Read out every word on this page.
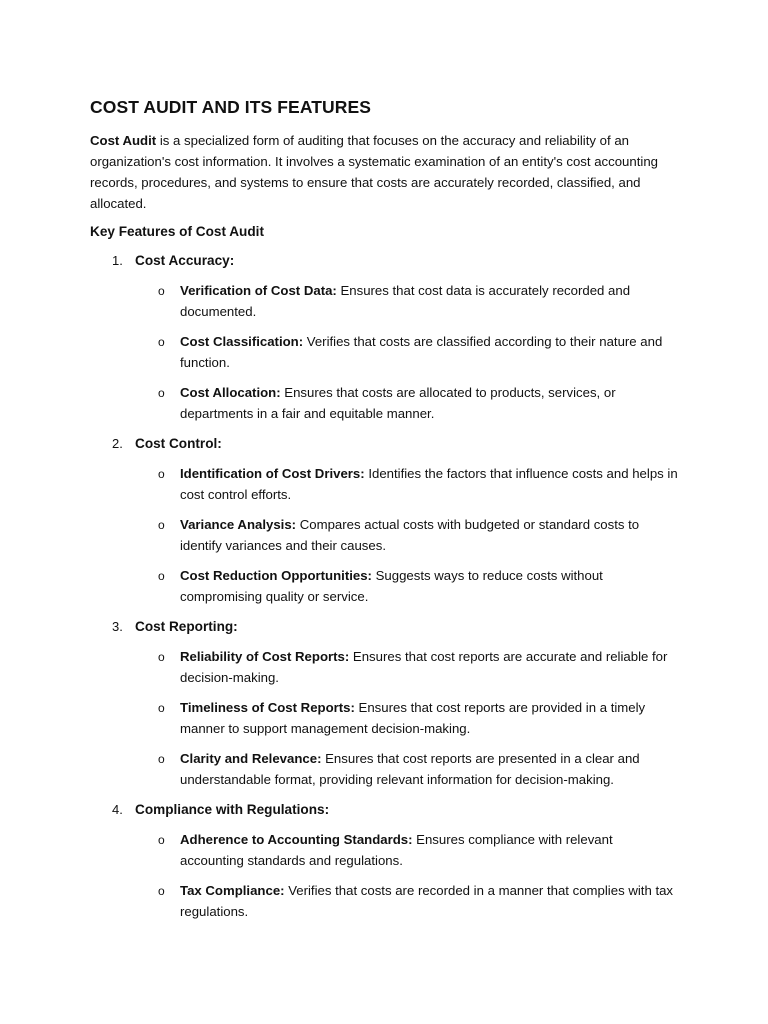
COST AUDIT AND ITS FEATURES

Cost Audit is a specialized form of auditing that focuses on the accuracy and reliability of an organization's cost information. It involves a systematic examination of an entity's cost accounting records, procedures, and systems to ensure that costs are accurately recorded, classified, and allocated.

Key Features of Cost Audit
1. Cost Accuracy:
o	Verification of Cost Data: Ensures that cost data is accurately recorded and documented.
o	Cost Classification: Verifies that costs are classified according to their nature and function.
o	Cost Allocation: Ensures that costs are allocated to products, services, or departments in a fair and equitable manner.
2. Cost Control:
o	Identification of Cost Drivers: Identifies the factors that influence costs and helps in cost control efforts.
o	Variance Analysis: Compares actual costs with budgeted or standard costs to identify variances and their causes.
o	Cost Reduction Opportunities: Suggests ways to reduce costs without compromising quality or service.
3. Cost Reporting:
o	Reliability of Cost Reports: Ensures that cost reports are accurate and reliable for decision-making.
o	Timeliness of Cost Reports: Ensures that cost reports are provided in a timely manner to support management decision-making.
o	Clarity and Relevance: Ensures that cost reports are presented in a clear and understandable format, providing relevant information for decision-making.
4. Compliance with Regulations:
o	Adherence to Accounting Standards: Ensures compliance with relevant accounting standards and regulations.
o	Tax Compliance: Verifies that costs are recorded in a manner that complies with tax regulations.
